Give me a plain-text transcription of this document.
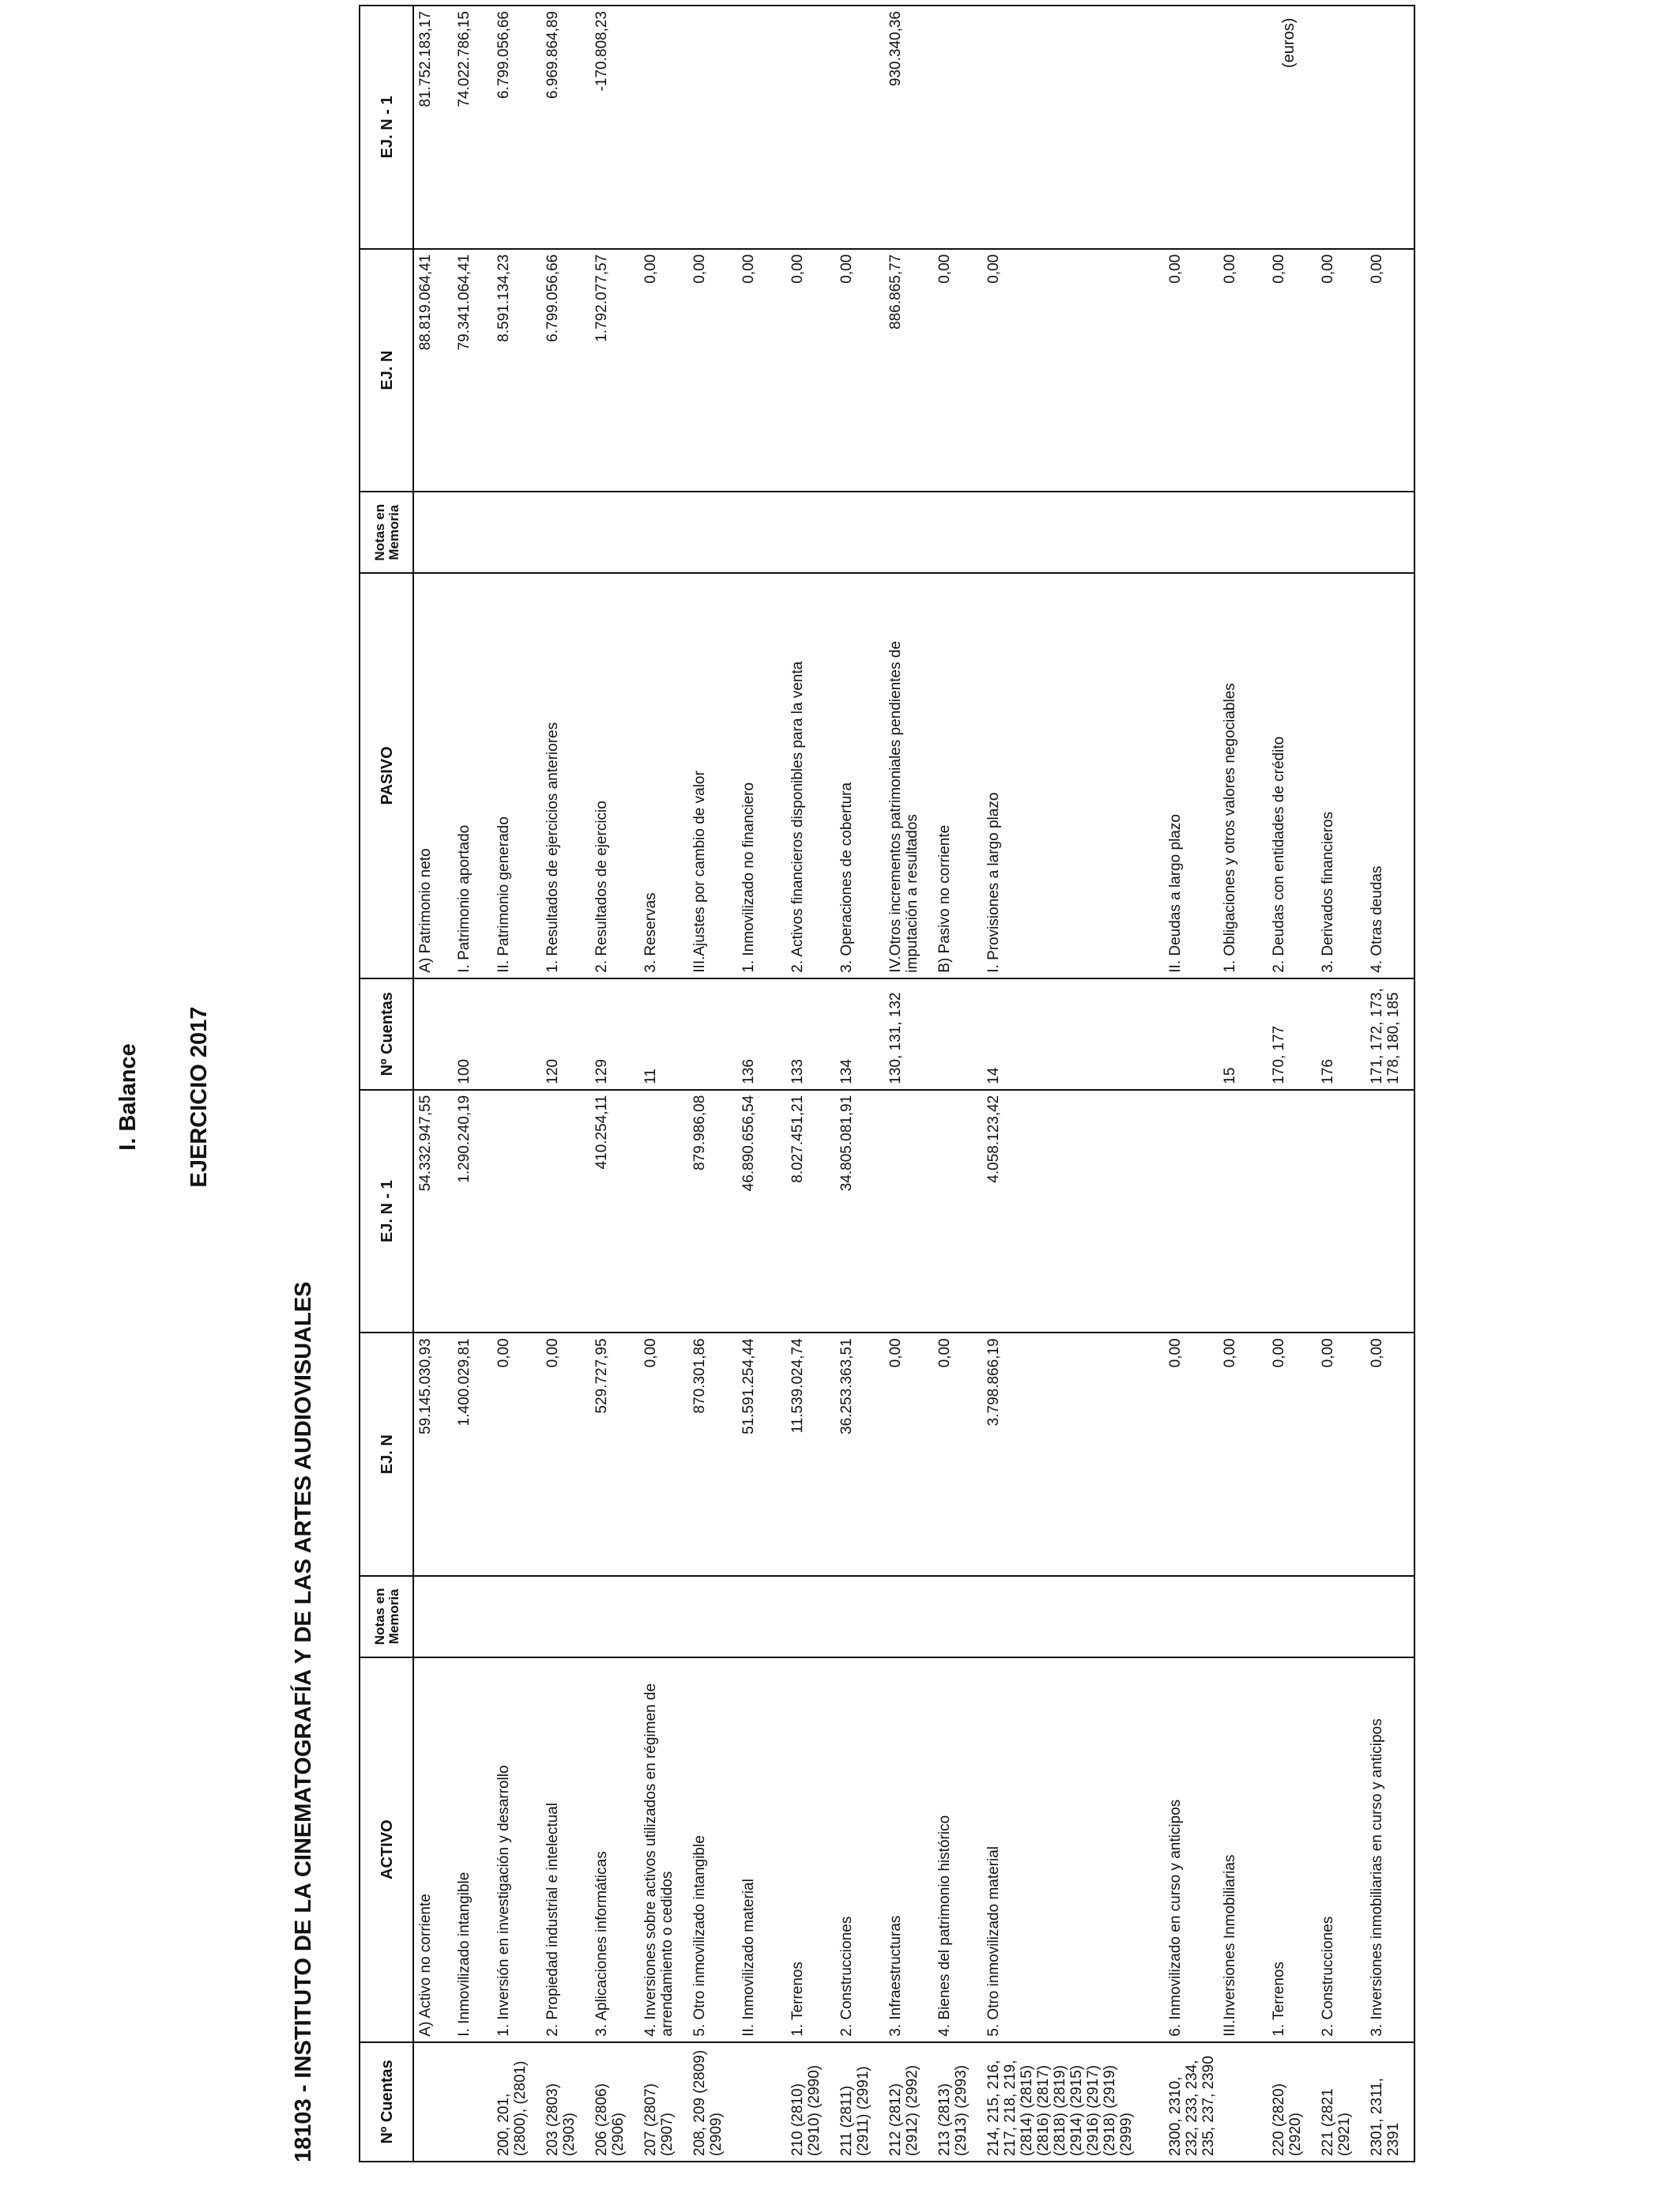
I. Balance EJERCICIO 2017
18103 - INSTITUTO DE LA CINEMATOGRAFÍA Y DE LAS ARTES AUDIOVISUALES
(euros)
Nº Cuentas	ACTIVO	Notas en Memoria	EJ. N	EJ. N - 1	Nº Cuentas	PASIVO	Notas en Memoria	EJ. N	EJ. N - 1
	A) Activo no corriente		59.145.030,93	54.332.947,55		A) Patrimonio neto		88.819.064,41	81.752.183,17
	I. Inmovilizado intangible		1.400.029,81	1.290.240,19	100	I. Patrimonio aportado		79.341.064,41	74.022.786,15
200, 201, (2800), (2801)	1. Inversión en investigación y desarrollo		0,00			II. Patrimonio generado		8.591.134,23	6.799.056,66
203 (2803) (2903)	2. Propiedad industrial e intelectual		0,00		120	1. Resultados de ejercicios anteriores		6.799.056,66	6.969.864,89
206 (2806) (2906)	3. Aplicaciones informáticas		529.727,95	410.254,11	129	2. Resultados de ejercicio		1.792.077,57	-170.808,23
207 (2807) (2907)	4. Inversiones sobre activos utilizados en régimen de arrendamiento o cedidos		0,00		11	3. Reservas		0,00	
208, 209 (2809) (2909)	5. Otro inmovilizado intangible		870.301,86	879.986,08		III.Ajustes por cambio de valor		0,00	
	II. Inmovilizado material		51.591.254,44	46.890.656,54	136	1. Inmovilizado no financiero		0,00	
210 (2810) (2910) (2990)	1. Terrenos		11.539.024,74	8.027.451,21	133	2. Activos financieros disponibles para la venta		0,00	
211 (2811) (2911) (2991)	2. Construcciones		36.253.363,51	34.805.081,91	134	3. Operaciones de cobertura		0,00	
212 (2812) (2912) (2992)	3. Infraestructuras		0,00		130, 131, 132	IV.Otros incrementos patrimoniales pendientes de imputación a resultados		886.865,77	930.340,36
213 (2813) (2913) (2993)	4. Bienes del patrimonio histórico		0,00			B) Pasivo no corriente		0,00	
214, 215, 216, 217, 218, 219, (2814) (2815) (2816) (2817) (2818) (2819) (2914) (2915) (2916) (2917) (2918) (2919) (2999)	5. Otro inmovilizado material		3.798.866,19	4.058.123,42	14	I. Provisiones a largo plazo		0,00	
2300, 2310, 232, 233, 234, 235, 237, 2390	6. Inmovilizado en curso y anticipos		0,00			II. Deudas a largo plazo		0,00	
	III.Inversiones Inmobiliarias		0,00		15	1. Obligaciones y otros valores negociables		0,00	
220 (2820) (2920)	1. Terrenos		0,00		170, 177	2. Deudas con entidades de crédito		0,00	
221 (2821 (2921)	2. Construcciones		0,00		176	3. Derivados financieros		0,00	
2301, 2311, 2391	3. Inversiones inmobiliarias en curso y anticipos		0,00		171, 172, 173, 178, 180, 185	4. Otras deudas		0,00	
